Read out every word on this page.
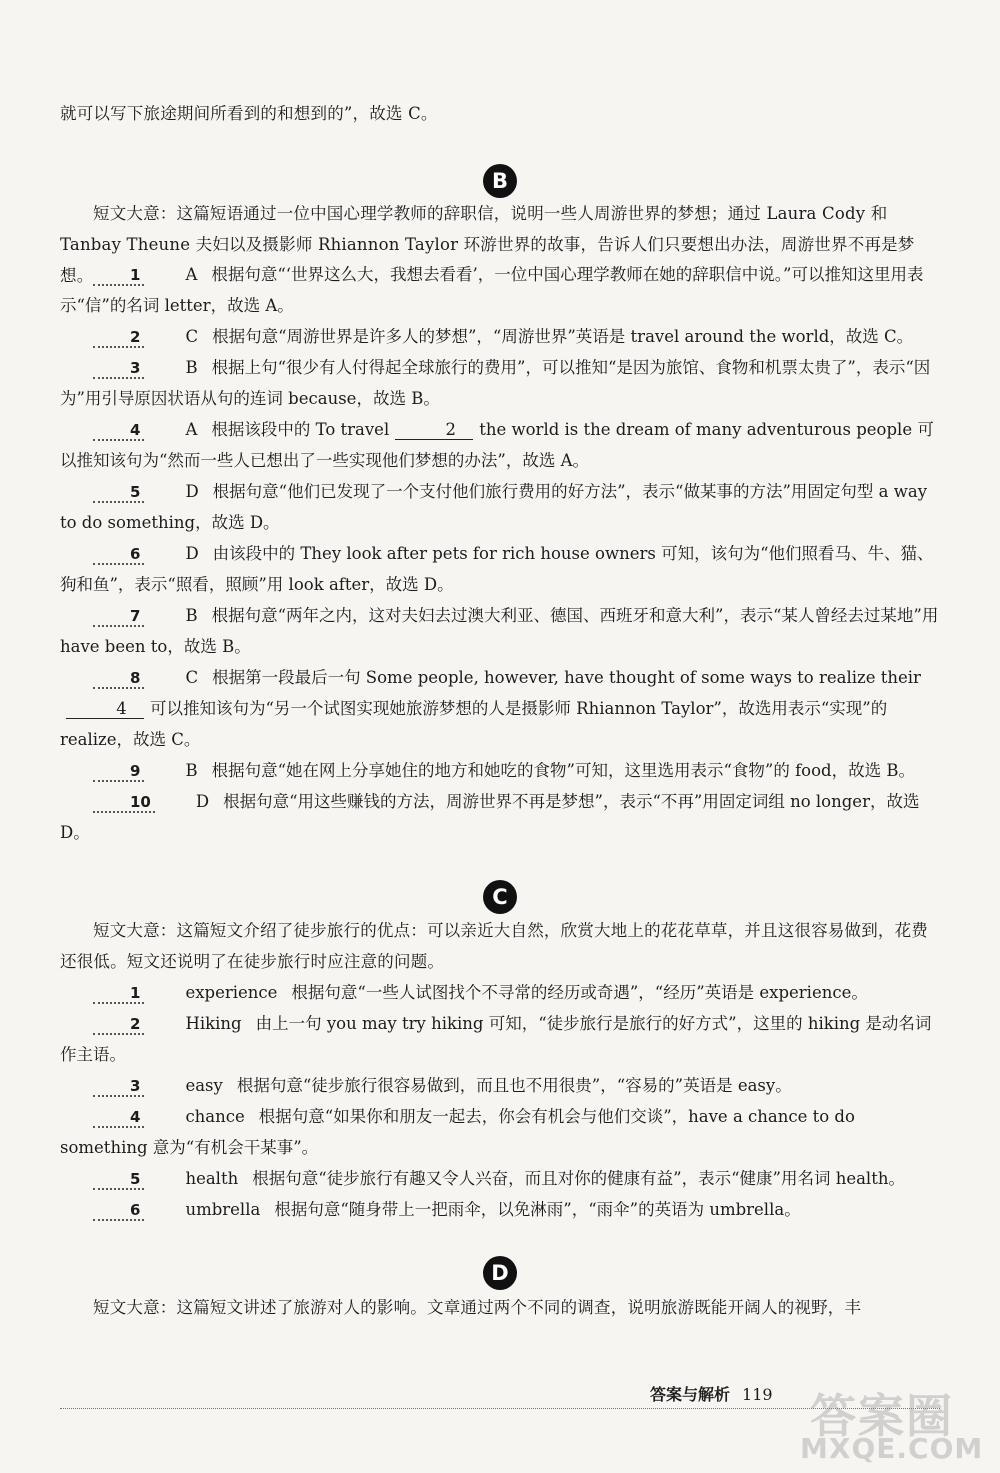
就可以写下旅途期间所看到的和想到的”，故选 C。
B
短文大意：这篇短语通过一位中国心理学教师的辞职信，说明一些人周游世界的梦想；通过 Laura Cody 和 Tanbay Theune 夫妇以及摄影师 Rhiannon Taylor 环游世界的故事，告诉人们只要想出办法，周游世界不再是梦想。	1	A 根据句意“‘世界这么大，我想去看看’，一位中国心理学教师在她的辞职信中说。”可以推知这里用表示“信”的名词 letter，故选 A。
2	C 根据句意“周游世界是许多人的梦想”，“周游世界”英语是 travel around the world，故选 C。
3	B 根据上句“很少有人付得起全球旅行的费用”，可以推知“是因为旅馆、食物和机票太贵了”，表示“因为”用引导原因状语从句的连词 because，故选 B。
4	A 根据该段中的 To travel	2 the world is the dream of many adventurous people 可以推知该句为“然而一些人已想出了一些实现他们梦想的办法”，故选 A。
5	D 根据句意“他们已发现了一个支付他们旅行费用的好方法”，表示“做某事的方法”用固定句型 a way to do something，故选 D。
6	D 由该段中的 They look after pets for rich house owners 可知，该句为“他们照看马、牛、猫、狗和鱼”，表示“照看，照顾”用 look after，故选 D。
7	B 根据句意“两年之内，这对夫妇去过澳大利亚、德国、西班牙和意大利”，表示“某人曾经去过某地”用 have been to，故选 B。
8	C 根据第一段最后一句 Some people, however, have thought of some ways to realize their4 可以推知该句为“另一个试图实现她旅游梦想的人是摄影师 Rhiannon Taylor”，故选用表示“实现”的 realize，故选 C。
9	B 根据句意“她在网上分享她住的地方和她吃的食物”可知，这里选用表示“食物”的 food，故选 B。
10	D 根据句意“用这些赚钱的方法，周游世界不再是梦想”，表示“不再”用固定词组 no longer，故选 D。
C
短文大意：这篇短文介绍了徒步旅行的优点：可以亲近大自然，欣赏大地上的花花草草，并且这很容易做到，花费还很低。短文还说明了在徒步旅行时应注意的问题。
1	experience 根据句意“一些人试图找个不寻常的经历或奇遇”，“经历”英语是 experience。
2	Hiking 由上一句 you may try hiking 可知，“徒步旅行是旅行的好方式”，这里的 hiking 是动名词作主语。
3	easy 根据句意“徒步旅行很容易做到，而且也不用很贵”，“容易的”英语是 easy。
4	chance 根据句意“如果你和朋友一起去，你会有机会与他们交谈”，have a chance to do something 意为“有机会干某事”。
5	health 根据句意“徒步旅行有趣又令人兴奋，而且对你的健康有益”，表示“健康”用名词 health。
6	umbrella 根据句意“随身带上一把雨伞，以免淋雨”，“雨伞”的英语为 umbrella。
D
短文大意：这篇短文讲述了旅游对人的影响。文章通过两个不同的调查，说明旅游既能开阔人的视野，丰
答案与解析 119 答案圈
MXQE.COM
